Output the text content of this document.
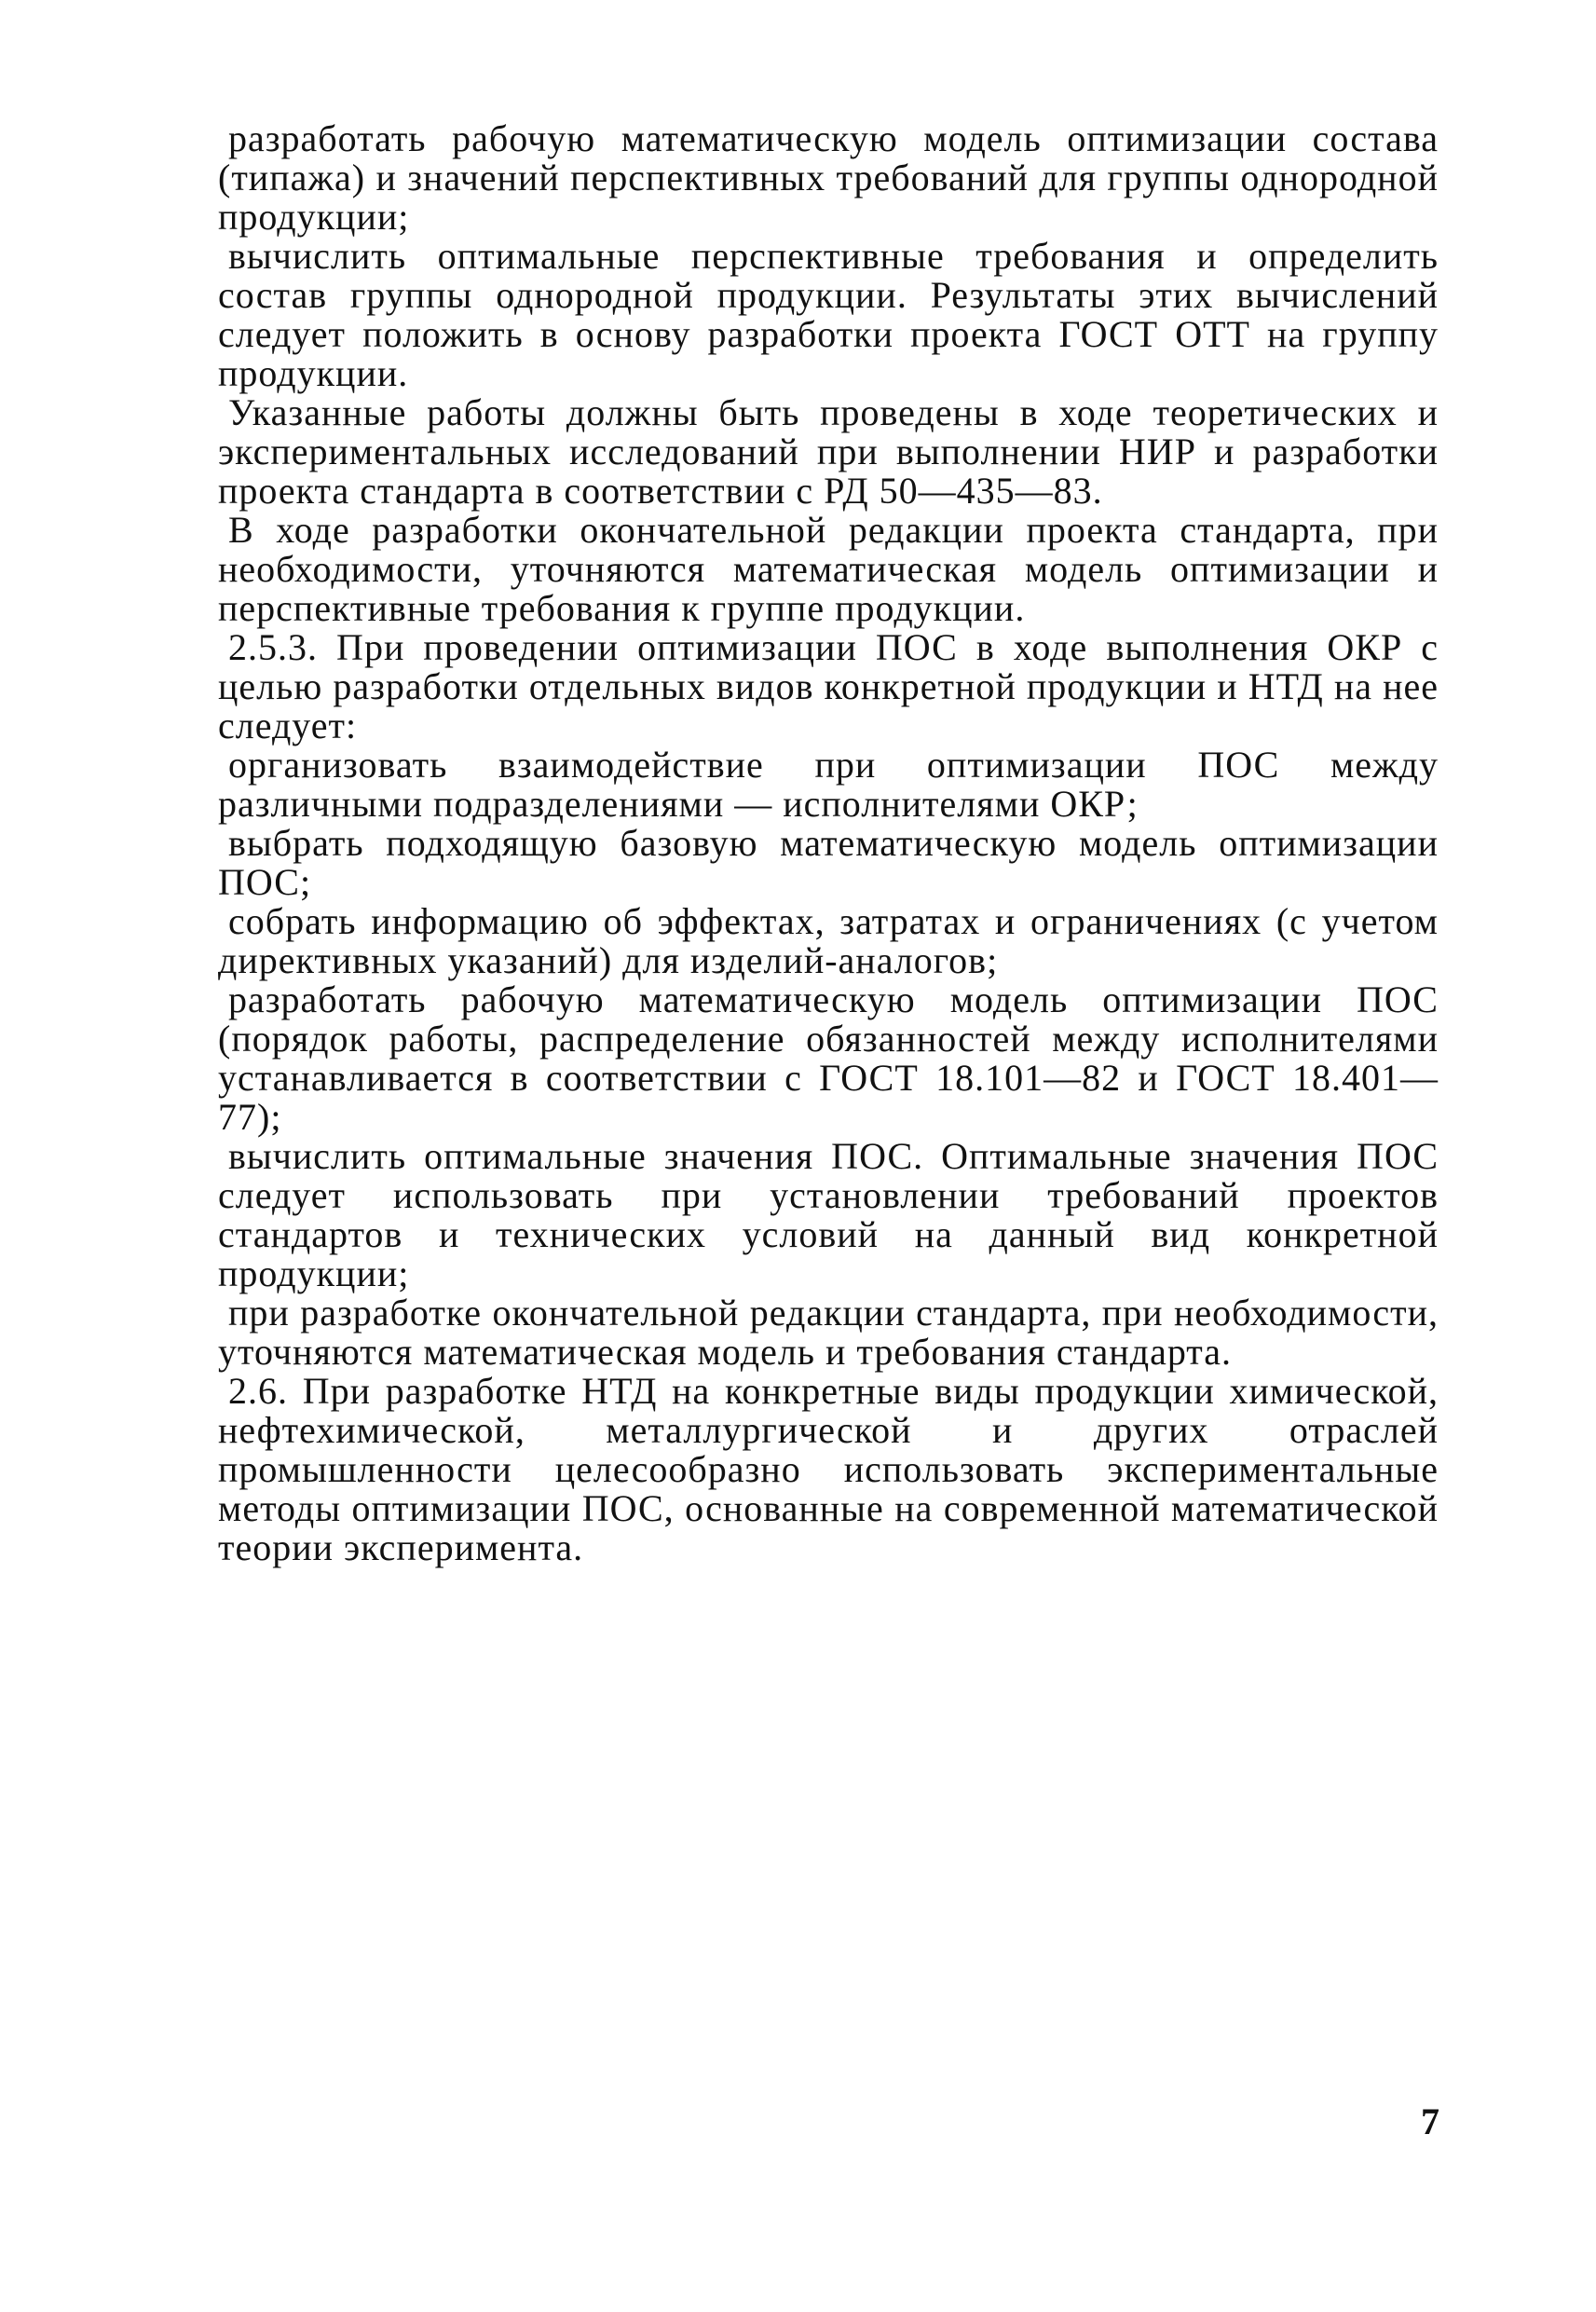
разработать рабочую математическую модель оптимизации состава (типажа) и значений перспективных требований для группы однородной продукции;

вычислить оптимальные перспективные требования и определить состав группы однородной продукции. Результаты этих вычислений следует положить в основу разработки проекта ГОСТ ОТТ на группу продукции.

Указанные работы должны быть проведены в ходе теоретических и экспериментальных исследований при выполнении НИР и разработки проекта стандарта в соответствии с РД 50—435—83.

В ходе разработки окончательной редакции проекта стандарта, при необходимости, уточняются математическая модель оптимизации и перспективные требования к группе продукции.

2.5.3. При проведении оптимизации ПОС в ходе выполнения ОКР с целью разработки отдельных видов конкретной продукции и НТД на нее следует:

организовать взаимодействие при оптимизации ПОС между различными подразделениями — исполнителями ОКР;

выбрать подходящую базовую математическую модель оптимизации ПОС;

собрать информацию об эффектах, затратах и ограничениях (с учетом директивных указаний) для изделий-аналогов;

разработать рабочую математическую модель оптимизации ПОС (порядок работы, распределение обязанностей между исполнителями устанавливается в соответствии с ГОСТ 18.101—82 и ГОСТ 18.401—77);

вычислить оптимальные значения ПОС. Оптимальные значения ПОС следует использовать при установлении требований проектов стандартов и технических условий на данный вид конкретной продукции;

при разработке окончательной редакции стандарта, при необходимости, уточняются математическая модель и требования стандарта.

2.6. При разработке НТД на конкретные виды продукции химической, нефтехимической, металлургической и других отраслей промышленности целесообразно использовать экспериментальные методы оптимизации ПОС, основанные на современной математической теории эксперимента.

7
